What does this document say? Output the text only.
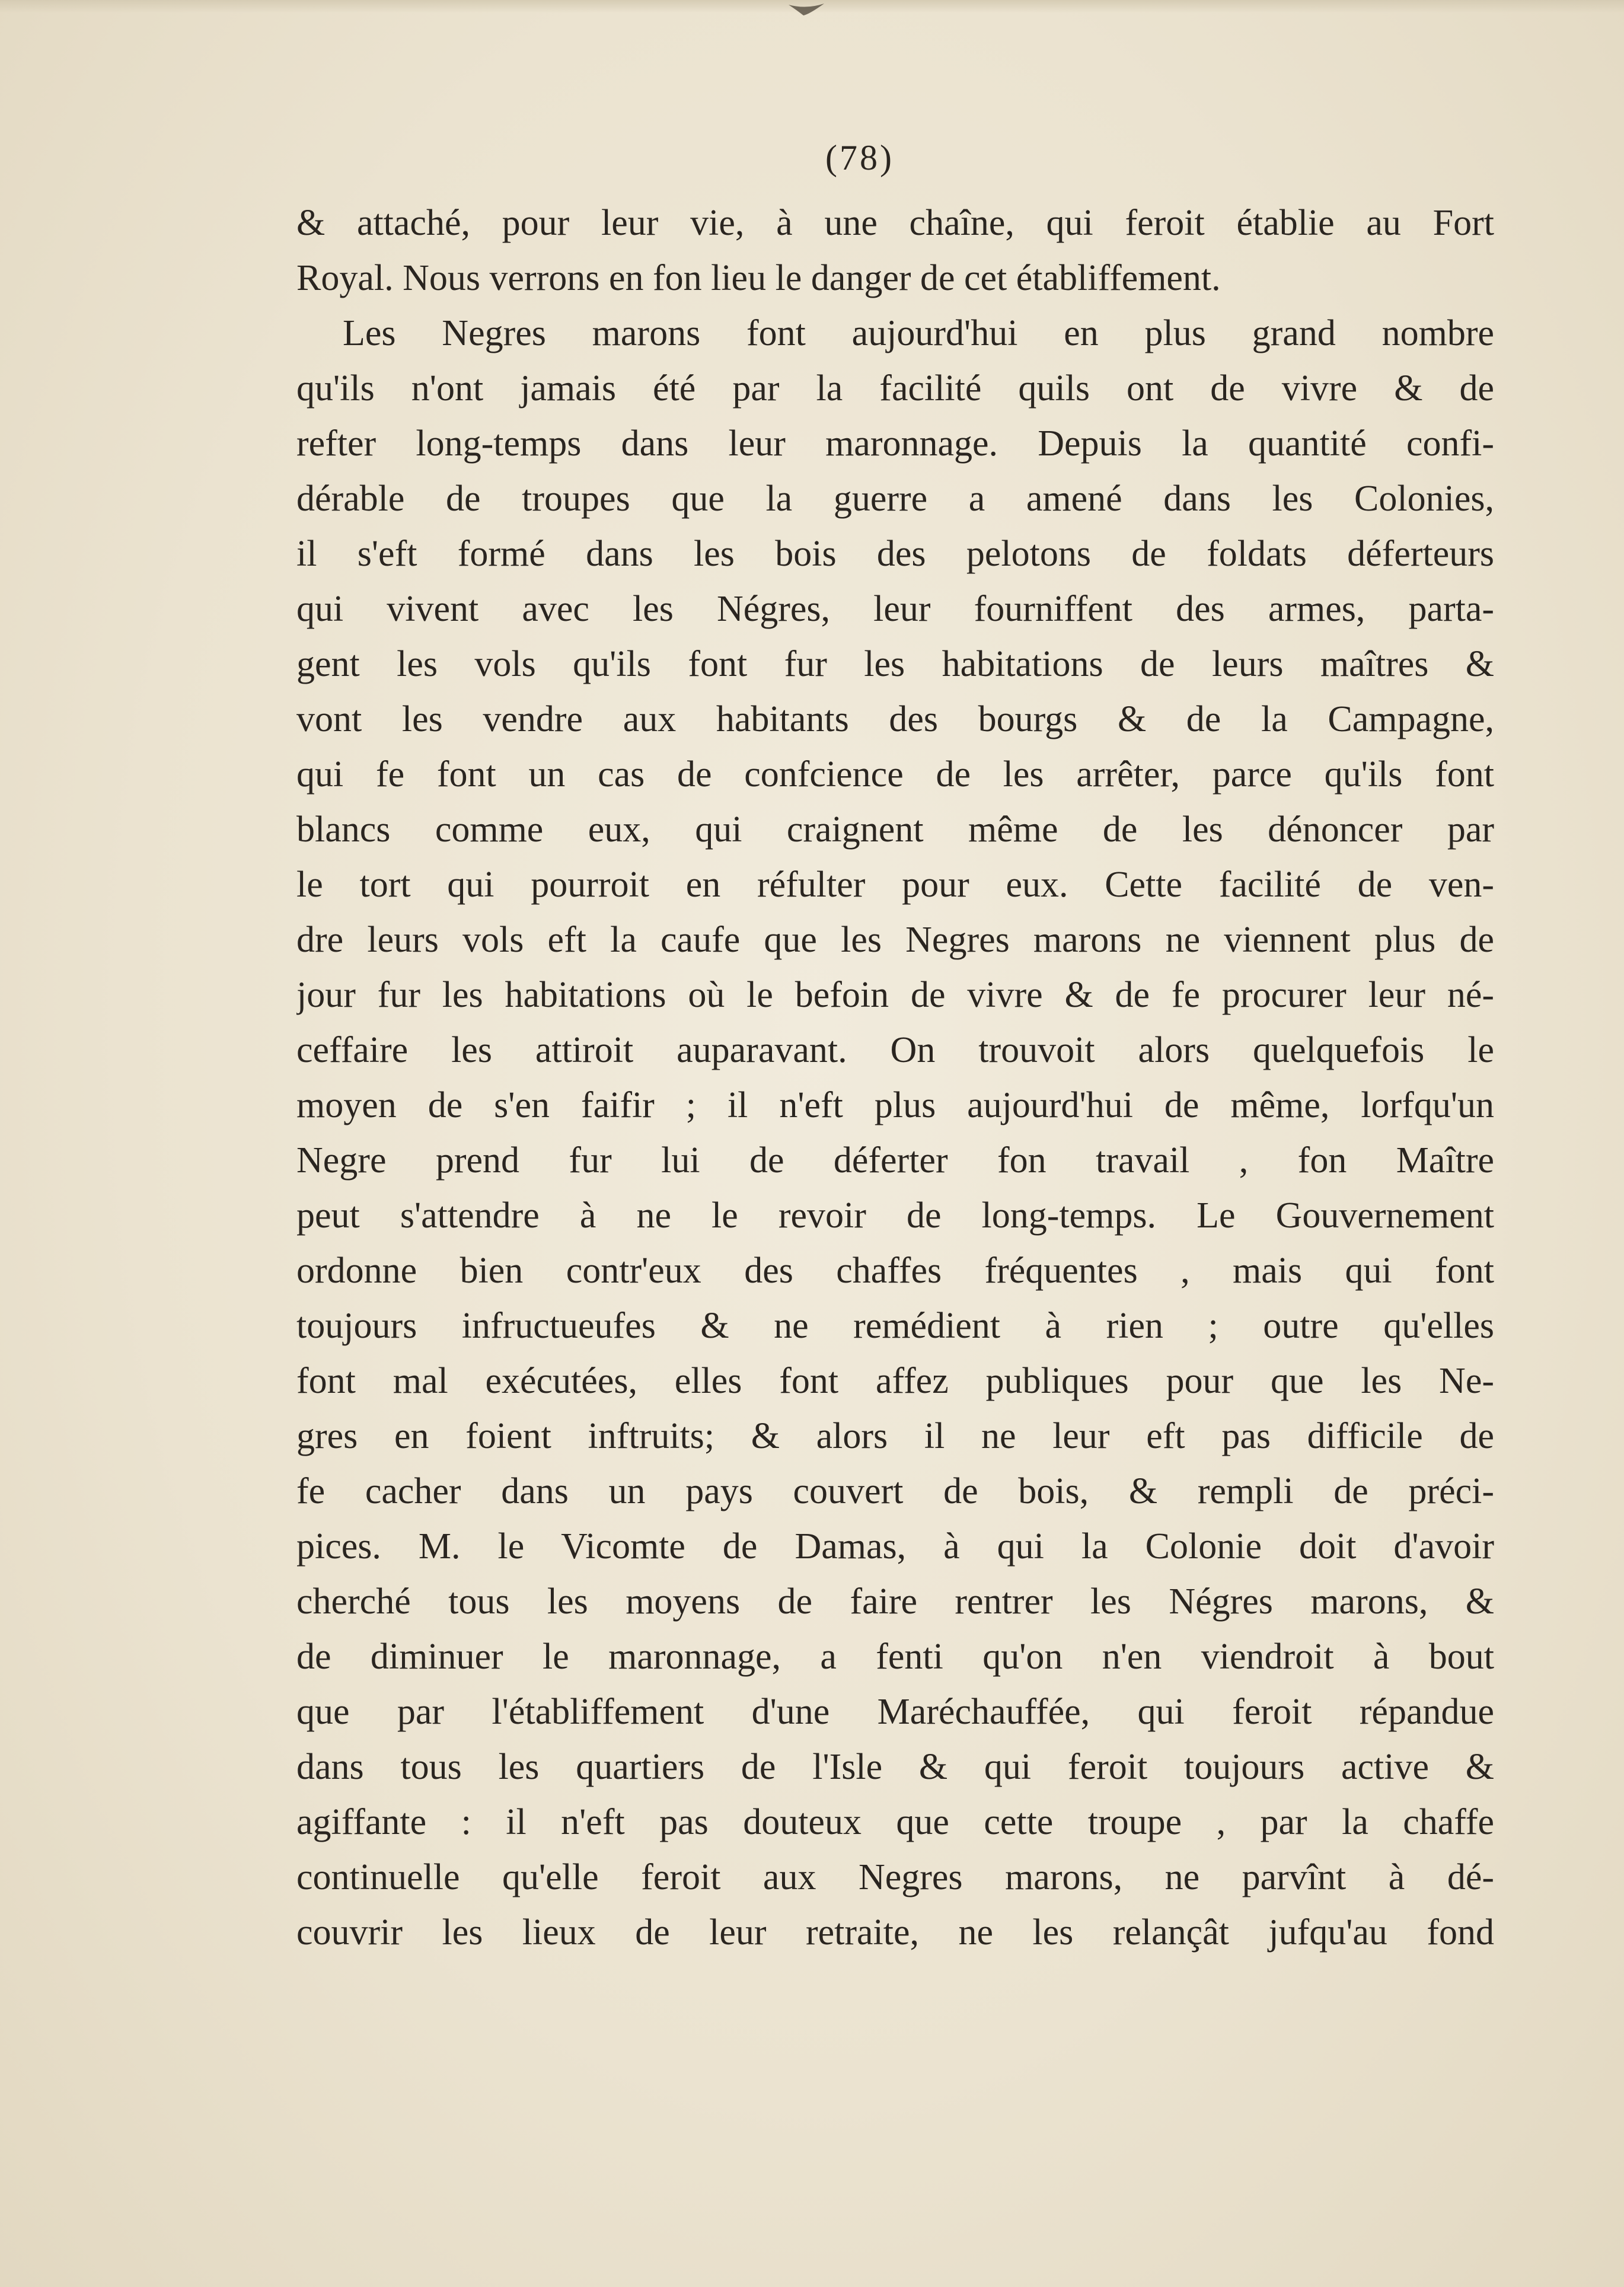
(78)
& attaché, pour leur vie, à une chaîne, qui feroit établie au Fort
Royal. Nous verrons en fon lieu le danger de cet établiffement.
Les Negres marons font aujourd'hui en plus grand nombre
qu'ils n'ont jamais été par la facilité quils ont de vivre & de
refter long-temps dans leur maronnage. Depuis la quantité confi-
dérable de troupes que la guerre a amené dans les Colonies,
il s'eft formé dans les bois des pelotons de foldats déferteurs
qui vivent avec les Négres, leur fourniffent des armes, parta-
gent les vols qu'ils font fur les habitations de leurs maîtres &
vont les vendre aux habitants des bourgs & de la Campagne,
qui fe font un cas de confcience de les arrêter, parce qu'ils font
blancs comme eux, qui craignent même de les dénoncer par
le tort qui pourroit en réfulter pour eux. Cette facilité de ven-
dre leurs vols eft la caufe que les Negres marons ne viennent plus de
jour fur les habitations où le befoin de vivre & de fe procurer leur né-
ceffaire les attiroit auparavant. On trouvoit alors quelquefois le
moyen de s'en faifir ; il n'eft plus aujourd'hui de même, lorfqu'un
Negre prend fur lui de déferter fon travail , fon Maître
peut s'attendre à ne le revoir de long-temps. Le Gouvernement
ordonne bien contr'eux des chaffes fréquentes , mais qui font
toujours infructueufes & ne remédient à rien ; outre qu'elles
font mal exécutées, elles font affez publiques pour que les Ne-
gres en foient inftruits; & alors il ne leur eft pas difficile de
fe cacher dans un pays couvert de bois, & rempli de préci-
pices. M. le Vicomte de Damas, à qui la Colonie doit d'avoir
cherché tous les moyens de faire rentrer les Négres marons, &
de diminuer le maronnage, a fenti qu'on n'en viendroit à bout
que par l'établiffement d'une Maréchauffée, qui feroit répandue
dans tous les quartiers de l'Isle & qui feroit toujours active &
agiffante : il n'eft pas douteux que cette troupe , par la chaffe
continuelle qu'elle feroit aux Negres marons, ne parvînt à dé-
couvrir les lieux de leur retraite, ne les relançât jufqu'au fond
